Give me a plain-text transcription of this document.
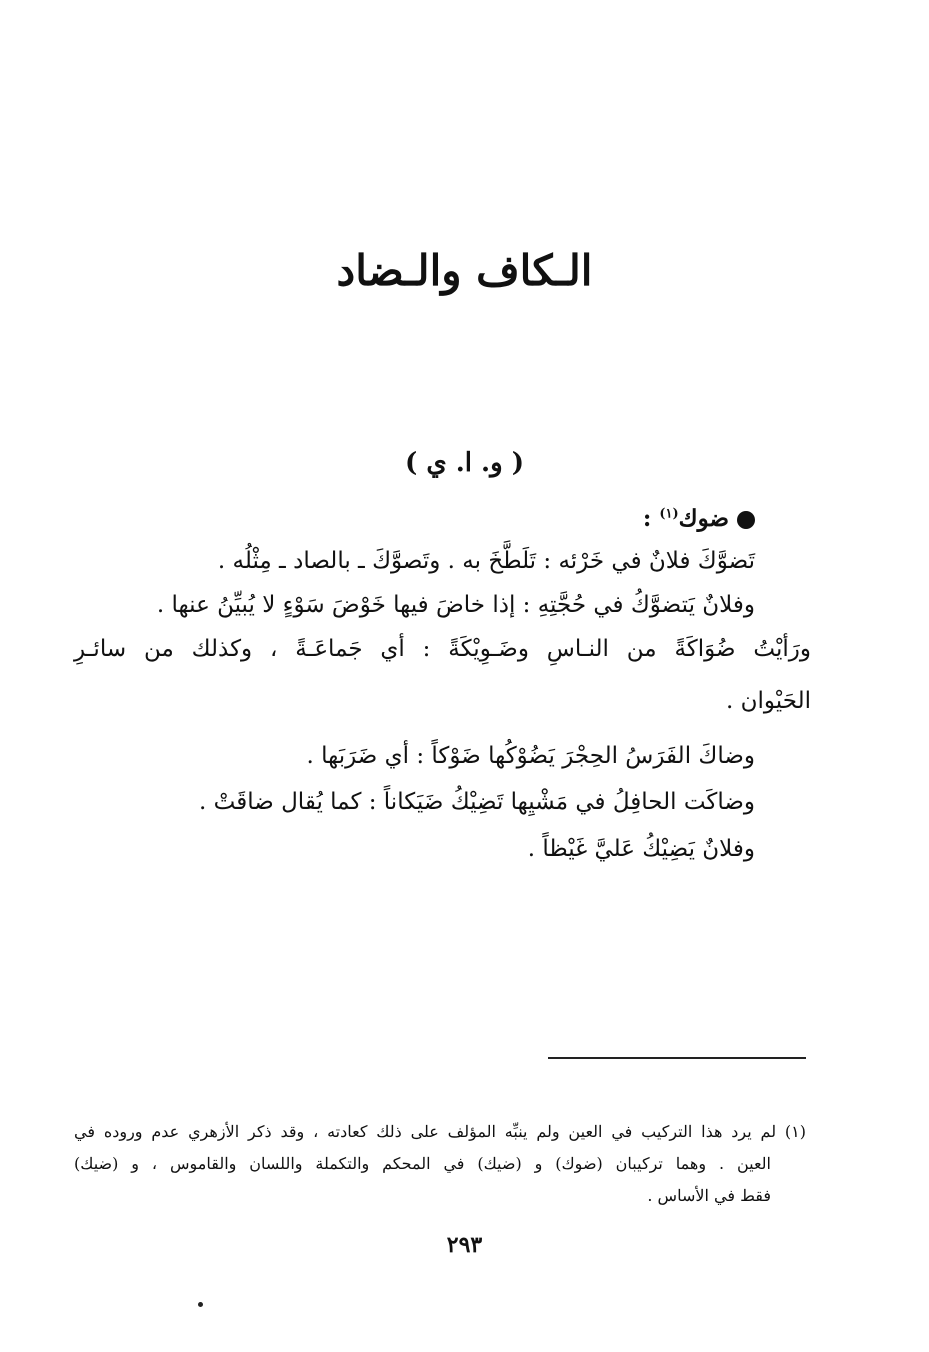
الـكاف والـضاد
( و. ا. ي )
ضوك$^{(١)}$ :
تَضوَّكَ فلانٌ في خَرْئه : تَلَطَّخَ به . وتَصوَّكَ ـ بالصاد ـ مِثْلُه .
وفلانٌ يَتضوَّكُ في حُجَّتِهِ : إذا خاضَ فيها خَوْضَ سَوْءٍ لا يُبيِّنُ عنها .
ورَأيْتُ ضُوَاكَةً من النـاسِ وضَـوِيْكَةً : أي جَماعَـةً ، وكذلك من سائـرِ
الحَيْوان .
وضاكَ الفَرَسُ الحِجْرَ يَضُوْكُها ضَوْكاً : أي ضَرَبَها .
وضاكَت الحافِلُ في مَشْيِها تَضِيْكُ ضَيَكاناً : كما يُقال ضاقَتْ .
وفلانٌ يَضِيْكُ عَليَّ غَيْظاً .
(١) لم يرد هذا التركيب في العين ولم ينبِّه المؤلف على ذلك كعادته ، وقد ذكر الأزهري عدم وروده في
العين . وهما تركيبان (ضوك) و (ضيك) في المحكم والتكملة واللسان والقاموس ، و (ضيك)
فقط في الأساس .
٢٩٣
